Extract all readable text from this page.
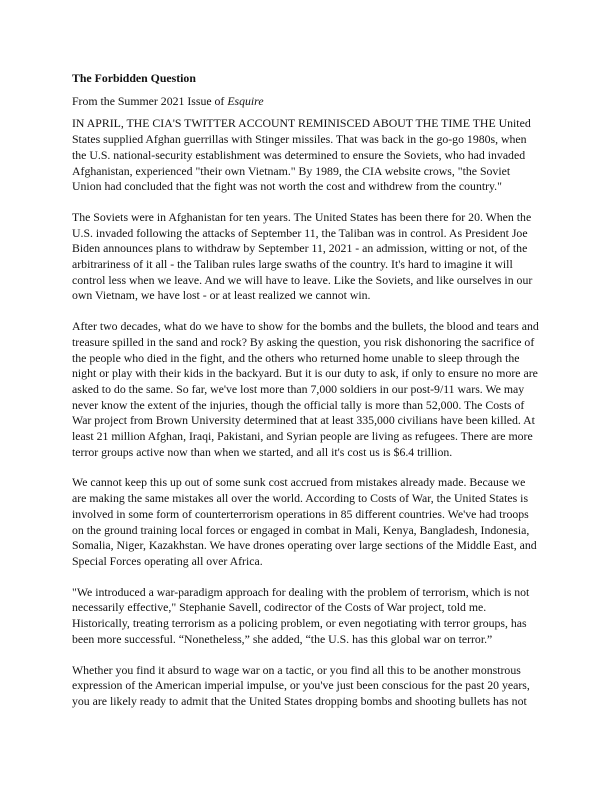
The Forbidden Question

From the Summer 2021 Issue of Esquire

IN APRIL, THE CIA'S TWITTER ACCOUNT REMINISCED ABOUT THE TIME THE United States supplied Afghan guerrillas with Stinger missiles. That was back in the go-go 1980s, when the U.S. national-security establishment was determined to ensure the Soviets, who had invaded Afghanistan, experienced "their own Vietnam." By 1989, the CIA website crows, "the Soviet Union had concluded that the fight was not worth the cost and withdrew from the country."

The Soviets were in Afghanistan for ten years. The United States has been there for 20. When the U.S. invaded following the attacks of September 11, the Taliban was in control. As President Joe Biden announces plans to withdraw by September 11, 2021 - an admission, witting or not, of the arbitrariness of it all - the Taliban rules large swaths of the country. It's hard to imagine it will control less when we leave. And we will have to leave. Like the Soviets, and like ourselves in our own Vietnam, we have lost - or at least realized we cannot win.

After two decades, what do we have to show for the bombs and the bullets, the blood and tears and treasure spilled in the sand and rock? By asking the question, you risk dishonoring the sacrifice of the people who died in the fight, and the others who returned home unable to sleep through the night or play with their kids in the backyard. But it is our duty to ask, if only to ensure no more are asked to do the same. So far, we've lost more than 7,000 soldiers in our post-9/11 wars. We may never know the extent of the injuries, though the official tally is more than 52,000. The Costs of War project from Brown University determined that at least 335,000 civilians have been killed. At least 21 million Afghan, Iraqi, Pakistani, and Syrian people are living as refugees. There are more terror groups active now than when we started, and all it's cost us is $6.4 trillion.

We cannot keep this up out of some sunk cost accrued from mistakes already made. Because we are making the same mistakes all over the world. According to Costs of War, the United States is involved in some form of counterterrorism operations in 85 different countries. We've had troops on the ground training local forces or engaged in combat in Mali, Kenya, Bangladesh, Indonesia, Somalia, Niger, Kazakhstan. We have drones operating over large sections of the Middle East, and Special Forces operating all over Africa.

"We introduced a war-paradigm approach for dealing with the problem of terrorism, which is not necessarily effective," Stephanie Savell, codirector of the Costs of War project, told me. Historically, treating terrorism as a policing problem, or even negotiating with terror groups, has been more successful. “Nonetheless,” she added, “the U.S. has this global war on terror.”

Whether you find it absurd to wage war on a tactic, or you find all this to be another monstrous expression of the American imperial impulse, or you've just been conscious for the past 20 years, you are likely ready to admit that the United States dropping bombs and shooting bullets has not
